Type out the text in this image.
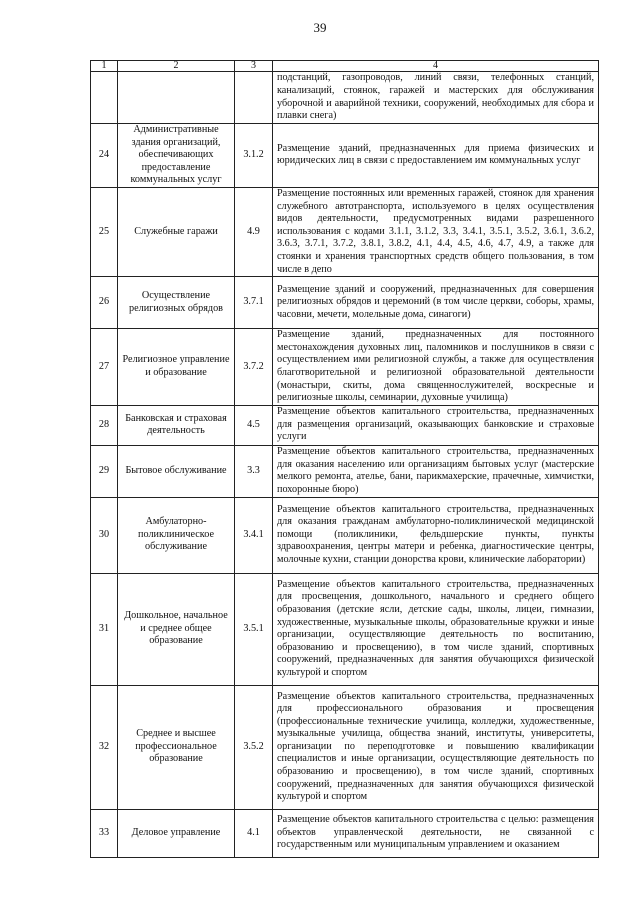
39
1	2	3	4
			подстанций, газопроводов, линий связи, телефонных станций, канализаций, стоянок, гаражей и мастерских для обслуживания уборочной и аварийной техники, сооружений, необходимых для сбора и плавки снега)
24	Административные здания организаций, обеспечивающих предоставление коммунальных услуг	3.1.2	Размещение зданий, предназначенных для приема физических и юридических лиц в связи с предоставлением им коммунальных услуг
25	Служебные гаражи	4.9	Размещение постоянных или временных гаражей, стоянок для хранения служебного автотранспорта, используемого в целях осуществления видов деятельности, предусмотренных видами разрешенного использования с кодами 3.1.1, 3.1.2, 3.3, 3.4.1, 3.5.1, 3.5.2, 3.6.1, 3.6.2, 3.6.3, 3.7.1, 3.7.2, 3.8.1, 3.8.2, 4.1, 4.4, 4.5, 4.6, 4.7, 4.9, а также для стоянки и хранения транспортных средств общего пользования, в том числе в депо
26	Осуществление религиозных обрядов	3.7.1	Размещение зданий и сооружений, предназначенных для совершения религиозных обрядов и церемоний (в том числе церкви, соборы, храмы, часовни, мечети, молельные дома, синагоги)
27	Религиозное управление и образование	3.7.2	Размещение зданий, предназначенных для постоянного местонахождения духовных лиц, паломников и послушников в связи с осуществлением ими религиозной службы, а также для осуществления благотворительной и религиозной образовательной деятельности (монастыри, скиты, дома священнослужителей, воскресные и религиозные школы, семинарии, духовные училища)
28	Банковская и страховая деятельность	4.5	Размещение объектов капитального строительства, предназначенных для размещения организаций, оказывающих банковские и страховые услуги
29	Бытовое обслуживание	3.3	Размещение объектов капитального строительства, предназначенных для оказания населению или организациям бытовых услуг (мастерские мелкого ремонта, ателье, бани, парикмахерские, прачечные, химчистки, похоронные бюро)
30	Амбулаторно-поликлиническое обслуживание	3.4.1	Размещение объектов капитального строительства, предназначенных для оказания гражданам амбулаторно-поликлинической медицинской помощи (поликлиники, фельдшерские пункты, пункты здравоохранения, центры матери и ребенка, диагностические центры, молочные кухни, станции донорства крови, клинические лаборатории)
31	Дошкольное, начальное и среднее общее образование	3.5.1	Размещение объектов капитального строительства, предназначенных для просвещения, дошкольного, начального и среднего общего образования (детские ясли, детские сады, школы, лицеи, гимназии, художественные, музыкальные школы, образовательные кружки и иные организации, осуществляющие деятельность по воспитанию, образованию и просвещению), в том числе зданий, спортивных сооружений, предназначенных для занятия обучающихся физической культурой и спортом
32	Среднее и высшее профессиональное образование	3.5.2	Размещение объектов капитального строительства, предназначенных для профессионального образования и просвещения (профессиональные технические училища, колледжи, художественные, музыкальные училища, общества знаний, институты, университеты, организации по переподготовке и повышению квалификации специалистов и иные организации, осуществляющие деятельность по образованию и просвещению), в том числе зданий, спортивных сооружений, предназначенных для занятия обучающихся физической культурой и спортом
33	Деловое управление	4.1	Размещение объектов капитального строительства с целью: размещения объектов управленческой деятельности, не связанной с государственным или муниципальным управлением и оказанием
